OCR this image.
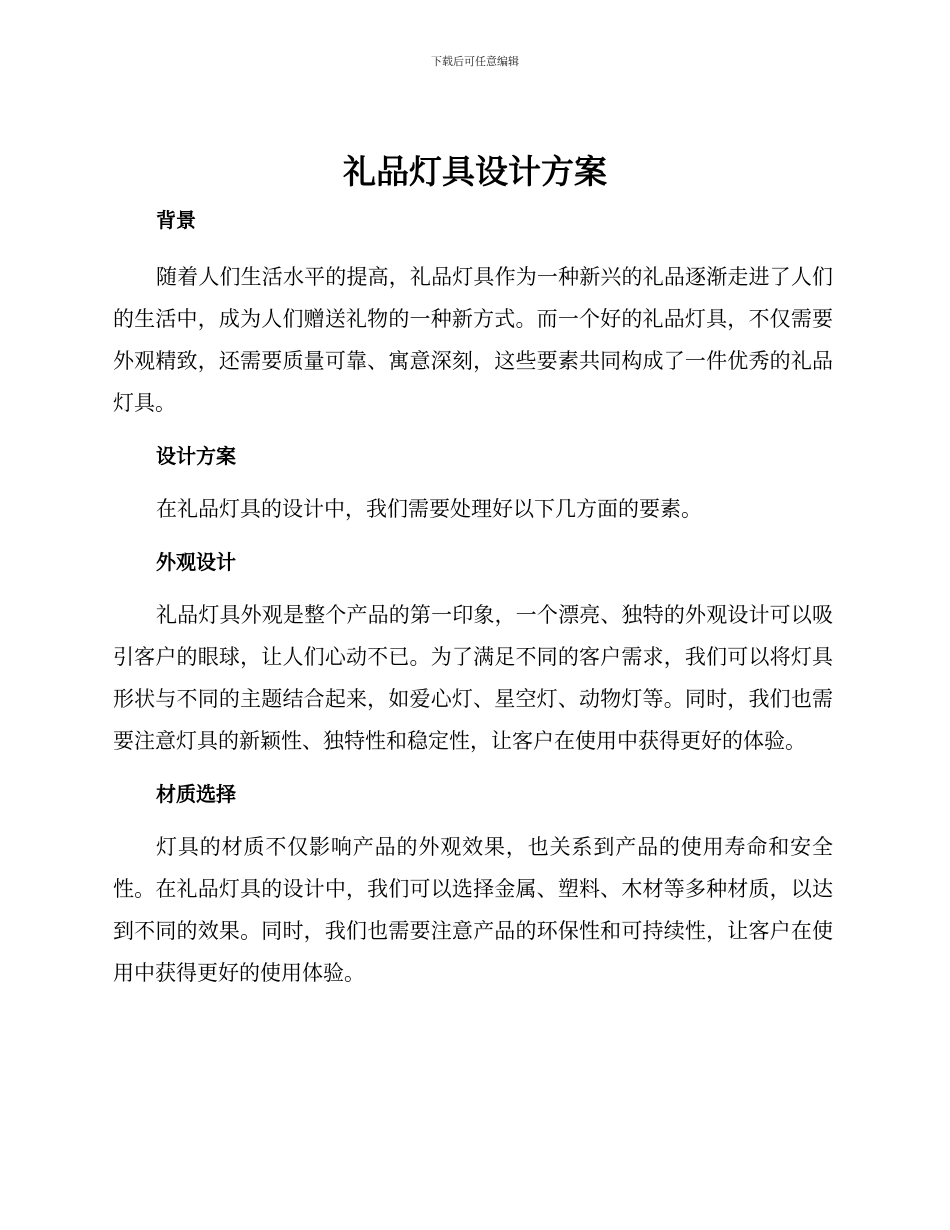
下载后可任意编辑
礼品灯具设计方案
背景

随着人们生活水平的提高，礼品灯具作为一种新兴的礼品逐渐走进了人们的生活中，成为人们赠送礼物的一种新方式。而一个好的礼品灯具，不仅需要外观精致，还需要质量可靠、寓意深刻，这些要素共同构成了一件优秀的礼品灯具。

设计方案

在礼品灯具的设计中，我们需要处理好以下几方面的要素。

外观设计

礼品灯具外观是整个产品的第一印象，一个漂亮、独特的外观设计可以吸引客户的眼球，让人们心动不已。为了满足不同的客户需求，我们可以将灯具形状与不同的主题结合起来，如爱心灯、星空灯、动物灯等。同时，我们也需要注意灯具的新颖性、独特性和稳定性，让客户在使用中获得更好的体验。

材质选择

灯具的材质不仅影响产品的外观效果，也关系到产品的使用寿命和安全性。在礼品灯具的设计中，我们可以选择金属、塑料、木材等多种材质，以达到不同的效果。同时，我们也需要注意产品的环保性和可持续性，让客户在使用中获得更好的使用体验。
